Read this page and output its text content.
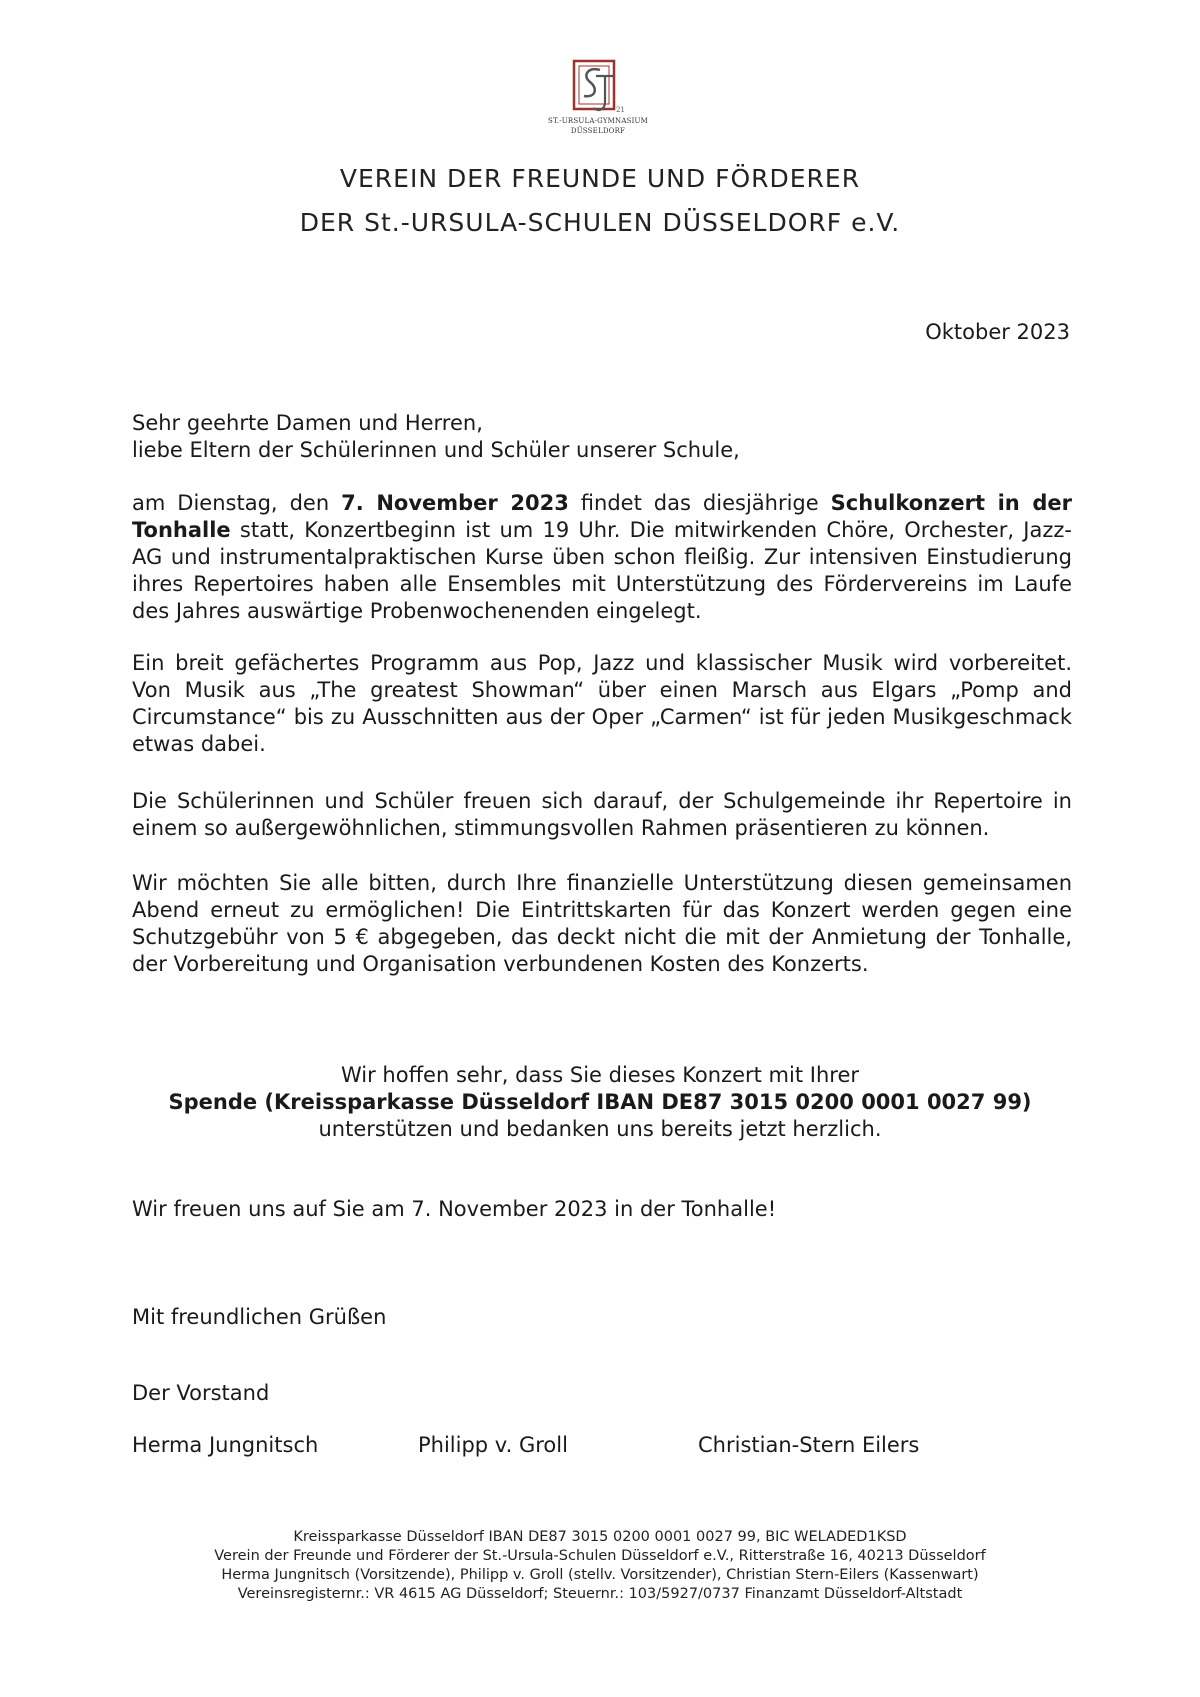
21
ST.-URSULA-GYMNASIUM
DÜSSELDORF
VEREIN DER FREUNDE UND FÖRDERER
DER St.-URSULA-SCHULEN DÜSSELDORF e.V.
Oktober 2023
Sehr geehrte Damen und Herren,
liebe Eltern der Schülerinnen und Schüler unserer Schule,
am Dienstag, den 7. November 2023 findet das diesjährige Schulkonzert in der Tonhalle statt, Konzertbeginn ist um 19 Uhr. Die mitwirkenden Chöre, Orchester, Jazz-AG und instrumentalpraktischen Kurse üben schon fleißig. Zur intensiven Einstudierung ihres Repertoires haben alle Ensembles mit Unterstützung des Fördervereins im Laufe des Jahres auswärtige Probenwochenenden eingelegt.
Ein breit gefächertes Programm aus Pop, Jazz und klassischer Musik wird vorbereitet. Von Musik aus „The greatest Showman“ über einen Marsch aus Elgars „Pomp and Circumstance“ bis zu Ausschnitten aus der Oper „Carmen“ ist für jeden Musikgeschmack etwas dabei.
Die Schülerinnen und Schüler freuen sich darauf, der Schulgemeinde ihr Repertoire in einem so außergewöhnlichen, stimmungsvollen Rahmen präsentieren zu können.
Wir möchten Sie alle bitten, durch Ihre finanzielle Unterstützung diesen gemeinsamen Abend erneut zu ermöglichen! Die Eintrittskarten für das Konzert werden gegen eine Schutzgebühr von 5 € abgegeben, das deckt nicht die mit der Anmietung der Tonhalle, der Vorbereitung und Organisation verbundenen Kosten des Konzerts.
Wir hoffen sehr, dass Sie dieses Konzert mit Ihrer
Spende (Kreissparkasse Düsseldorf IBAN DE87 3015 0200 0001 0027 99)
unterstützen und bedanken uns bereits jetzt herzlich.
Wir freuen uns auf Sie am 7. November 2023 in der Tonhalle!
Mit freundlichen Grüßen
Der Vorstand
Herma Jungnitsch	Philipp v. Groll	Christian-Stern Eilers
Kreissparkasse Düsseldorf IBAN DE87 3015 0200 0001 0027 99, BIC WELADED1KSD
Verein der Freunde und Förderer der St.-Ursula-Schulen Düsseldorf e.V., Ritterstraße 16, 40213 Düsseldorf
Herma Jungnitsch (Vorsitzende), Philipp v. Groll (stellv. Vorsitzender), Christian Stern-Eilers (Kassenwart)
Vereinsregisternr.: VR 4615 AG Düsseldorf; Steuernr.: 103/5927/0737 Finanzamt Düsseldorf-Altstadt
